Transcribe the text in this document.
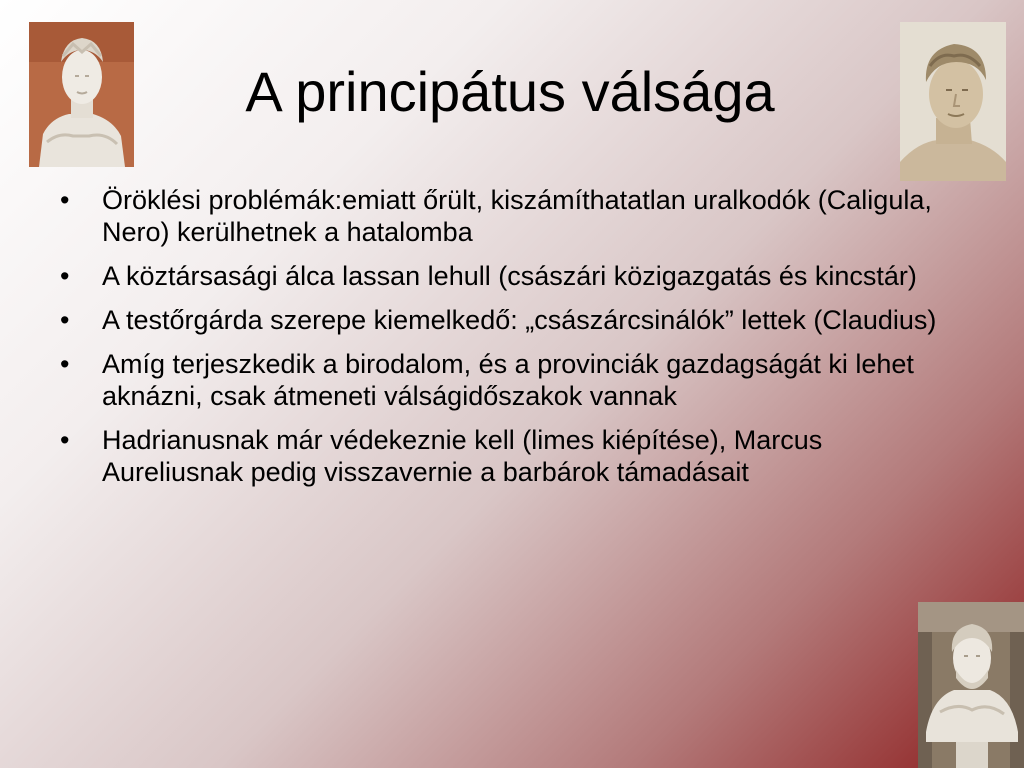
A principátus válsága
• Öröklési problémák:emiatt őrült, kiszámíthatatlan uralkodók (Caligula, Nero) kerülhetnek a hatalomba
• A köztársasági álca lassan lehull (császári közigazgatás és kincstár)
• A testőrgárda szerepe kiemelkedő: „császárcsinálók” lettek (Claudius)
• Amíg terjeszkedik a birodalom, és a provinciák gazdagságát ki lehet aknázni, csak átmeneti válságidőszakok vannak
• Hadrianusnak már védekeznie kell (limes kiépítése), Marcus Aureliusnak pedig visszavernie a barbárok támadásait
